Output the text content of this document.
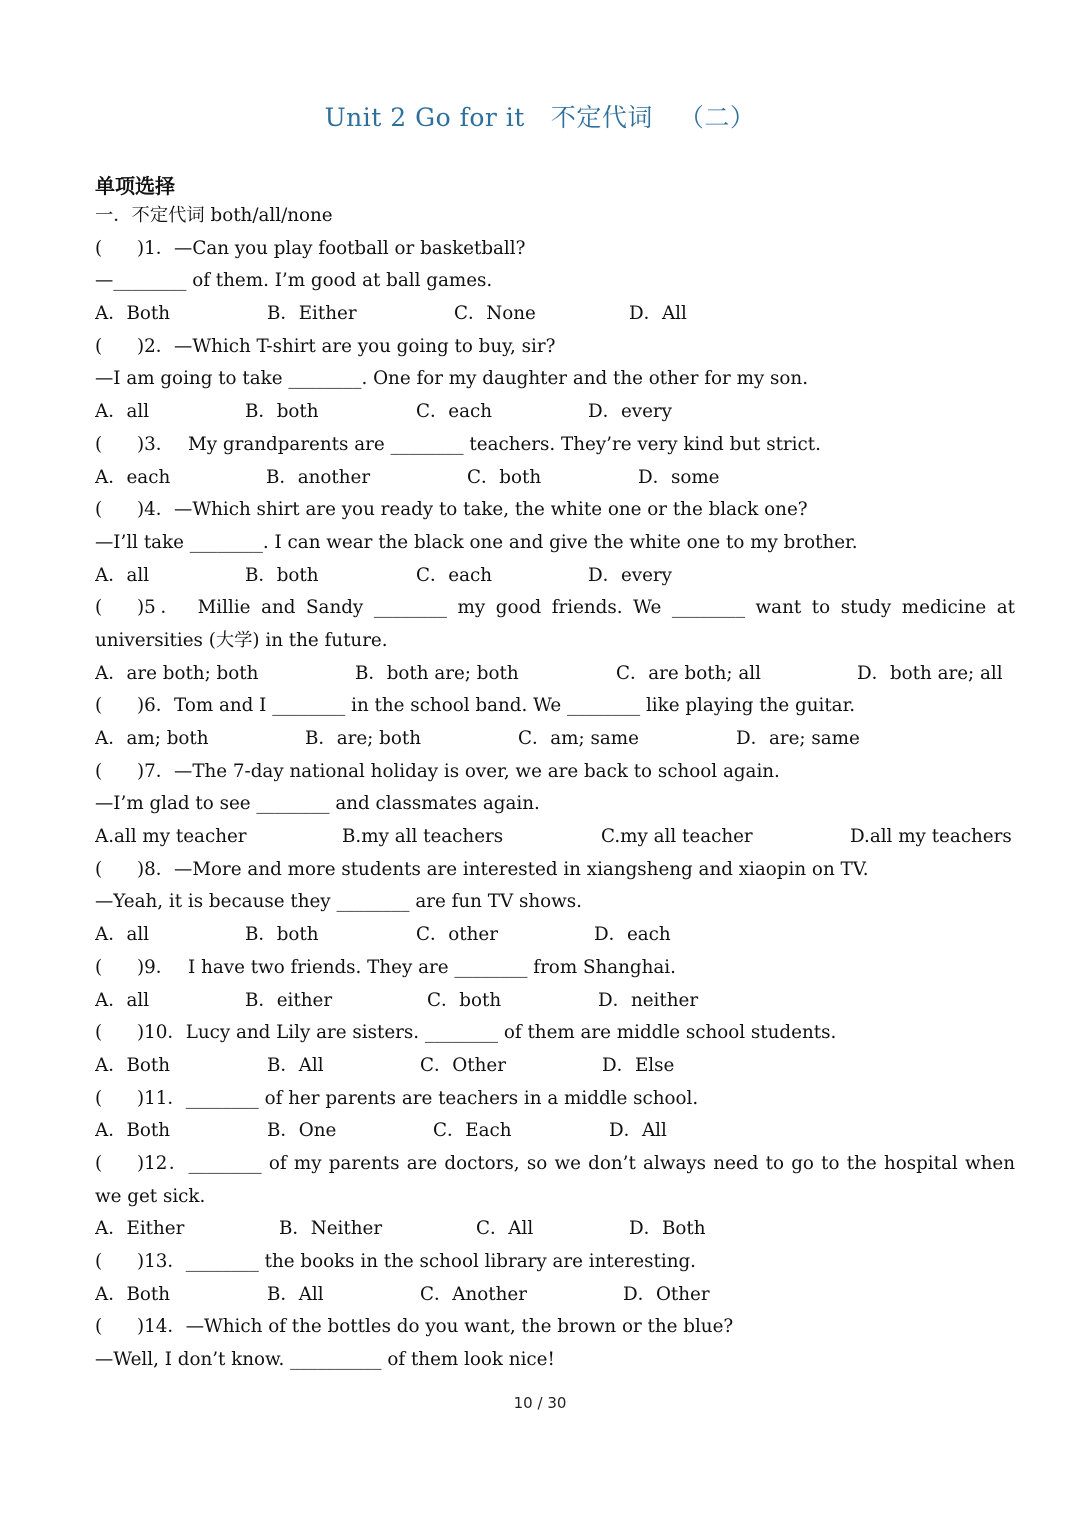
Unit 2 Go for it 不定代词 （二）
单项选择
一．不定代词 both/all/none
( )1．—Can you play football or basketball?
—________ of them. I’m good at ball games.
A．Both	B．Either	C．None	D．All
( )2．—Which T-shirt are you going to buy, sir?
—I am going to take ________. One for my daughter and the other for my son.
A．all	B．both	C．each	D．every
( )3． My grandparents are ________ teachers. They’re very kind but strict.
A．each	B．another	C．both	D．some
( )4．—Which shirt are you ready to take, the white one or the black one?
—I’ll take ________. I can wear the black one and give the white one to my brother.
A．all	B．both	C．each	D．every
( )5． Millie and Sandy ________ my good friends. We ________ want to study medicine at universities (大学) in the future.
A．are both; both	B．both are; both	C．are both; all	D．both are; all
( )6．Tom and I ________ in the school band. We ________ like playing the guitar.
A．am; both	B．are; both	C．am; same	D．are; same
( )7．—The 7-day national holiday is over, we are back to school again.
—I’m glad to see ________ and classmates again.
A.all my teacher	B.my all teachers	C.my all teacher	D.all my teachers
( )8．—More and more students are interested in xiangsheng and xiaopin on TV.
—Yeah, it is because they ________ are fun TV shows.
A．all	B．both	C．other	D．each
( )9． I have two friends. They are ________ from Shanghai.
A．all	B．either	C．both	D．neither
( )10．Lucy and Lily are sisters. ________ of them are middle school students.
A．Both	B．All	C．Other	D．Else
( )11．________ of her parents are teachers in a middle school.
A．Both	B．One	C．Each	D．All
( )12．________ of my parents are doctors, so we don’t always need to go to the hospital when we get sick.
A．Either	B．Neither	C．All	D．Both
( )13．________ the books in the school library are interesting.
A．Both	B．All	C．Another	D．Other
( )14．—Which of the bottles do you want, the brown or the blue?
—Well, I don’t know. __________ of them look nice!
10 / 30
